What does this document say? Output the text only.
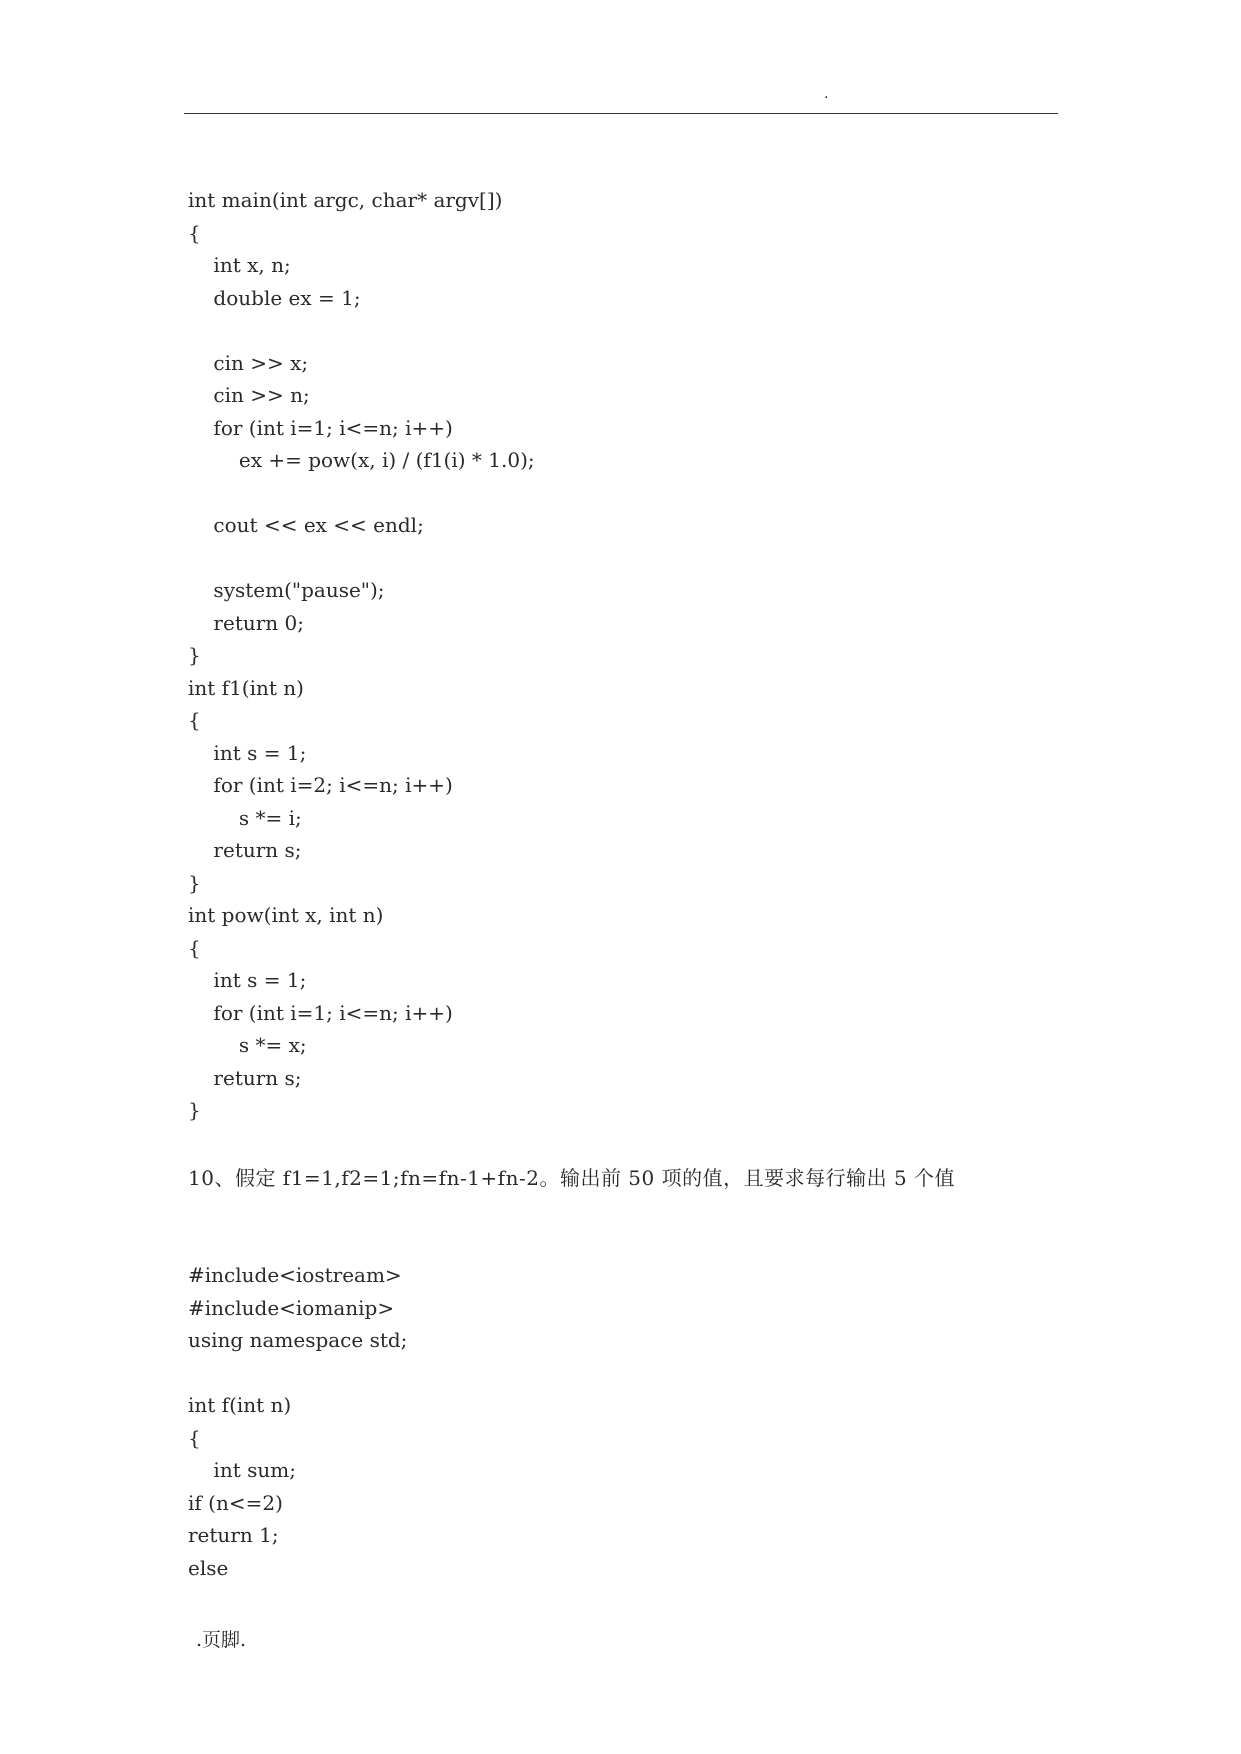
.
int main(int argc, char* argv[])
{
int x, n;
double ex = 1;

cin >> x;
cin >> n;
for (int i=1; i<=n; i++)
ex += pow(x, i) / (f1(i) * 1.0);

cout << ex << endl;

system("pause");
return 0;
}
int f1(int n)
{
int s = 1;
for (int i=2; i<=n; i++)
s *= i;
return s;
}
int pow(int x, int n)
{
int s = 1;
for (int i=1; i<=n; i++)
s *= x;
return s;
}
10、假定 f1=1,f2=1;fn=fn-1+fn-2。输出前 50 项的值，且要求每行输出 5 个值
#include<iostream>
#include<iomanip>
using namespace std;

int f(int n)
{
int sum;
if (n<=2)
return 1;
else
.页脚.
